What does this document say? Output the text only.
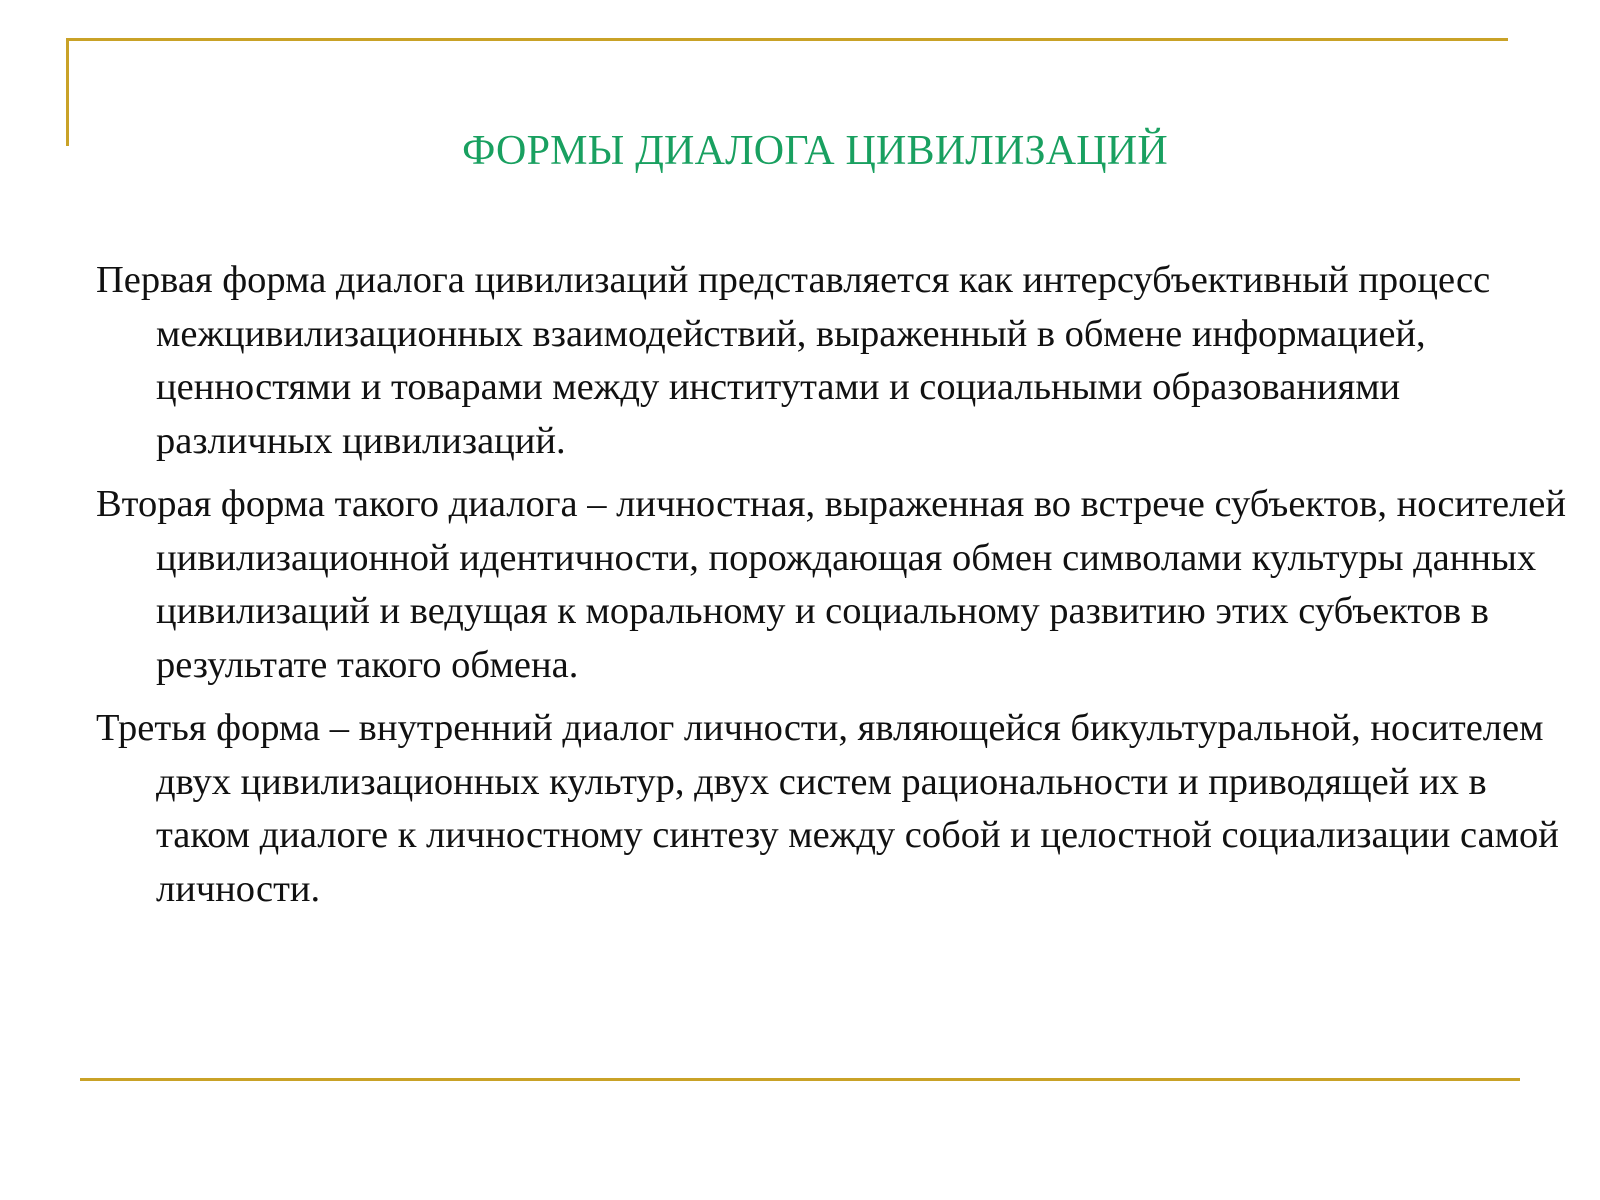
ФОРМЫ ДИАЛОГА ЦИВИЛИЗАЦИЙ

Первая форма диалога цивилизаций представляется как интерсубъективный процесс межцивилизационных взаимодействий, выраженный в обмене информацией, ценностями и товарами между институтами и социальными образованиями различных цивилизаций.

Вторая форма такого диалога – личностная, выраженная во встрече субъектов, носителей цивилизационной идентичности, порождающая обмен символами культуры данных цивилизаций и ведущая к моральному и социальному развитию этих субъектов в результате такого обмена.

Третья форма – внутренний диалог личности, являющейся бикультуральной, носителем двух цивилизационных культур, двух систем рациональности и приводящей их в таком диалоге к личностному синтезу между собой и целостной социализации самой личности.
